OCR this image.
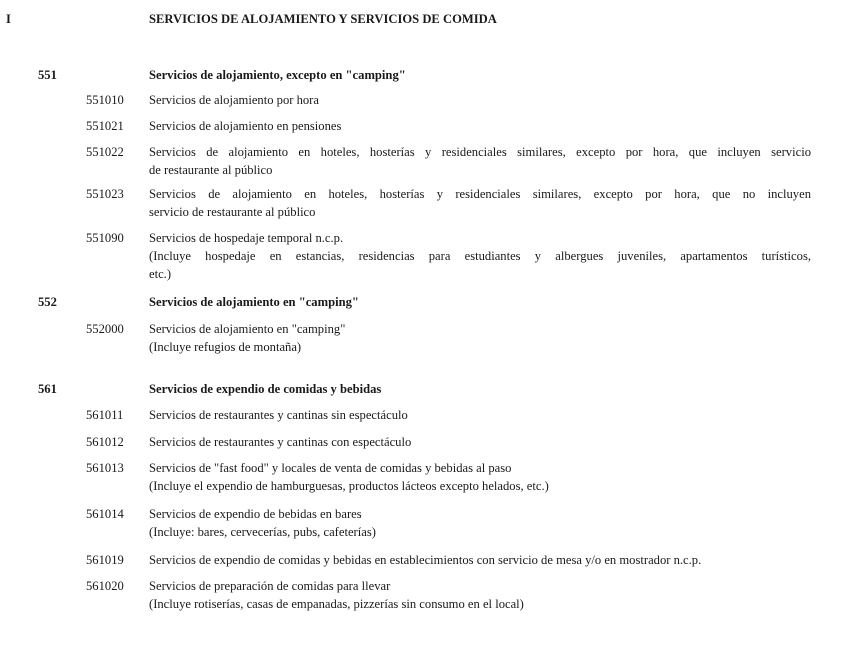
I	SERVICIOS DE ALOJAMIENTO Y SERVICIOS DE COMIDA
551	Servicios de alojamiento, excepto en "camping"
551010 Servicios de alojamiento por hora
551021 Servicios de alojamiento en pensiones
551022 Servicios de alojamiento en hoteles, hosterías y residenciales similares, excepto por hora, que incluyen servicio
de restaurante al público
551023 Servicios de alojamiento en hoteles, hosterías y residenciales similares, excepto por hora, que no incluyen
servicio de restaurante al público
551090 Servicios de hospedaje temporal n.c.p.
(Incluye hospedaje en estancias, residencias para estudiantes y albergues juveniles, apartamentos turísticos,
etc.)
552	Servicios de alojamiento en "camping"
552000 Servicios de alojamiento en "camping"
(Incluye refugios de montaña)
561	Servicios de expendio de comidas y bebidas
561011 Servicios de restaurantes y cantinas sin espectáculo
561012 Servicios de restaurantes y cantinas con espectáculo
561013 Servicios de "fast food" y locales de venta de comidas y bebidas al paso
(Incluye el expendio de hamburguesas, productos lácteos excepto helados, etc.)
561014 Servicios de expendio de bebidas en bares
(Incluye: bares, cervecerías, pubs, cafeterías)
561019 Servicios de expendio de comidas y bebidas en establecimientos con servicio de mesa y/o en mostrador n.c.p.
561020 Servicios de preparación de comidas para llevar
(Incluye rotiserías, casas de empanadas, pizzerías sin consumo en el local)
